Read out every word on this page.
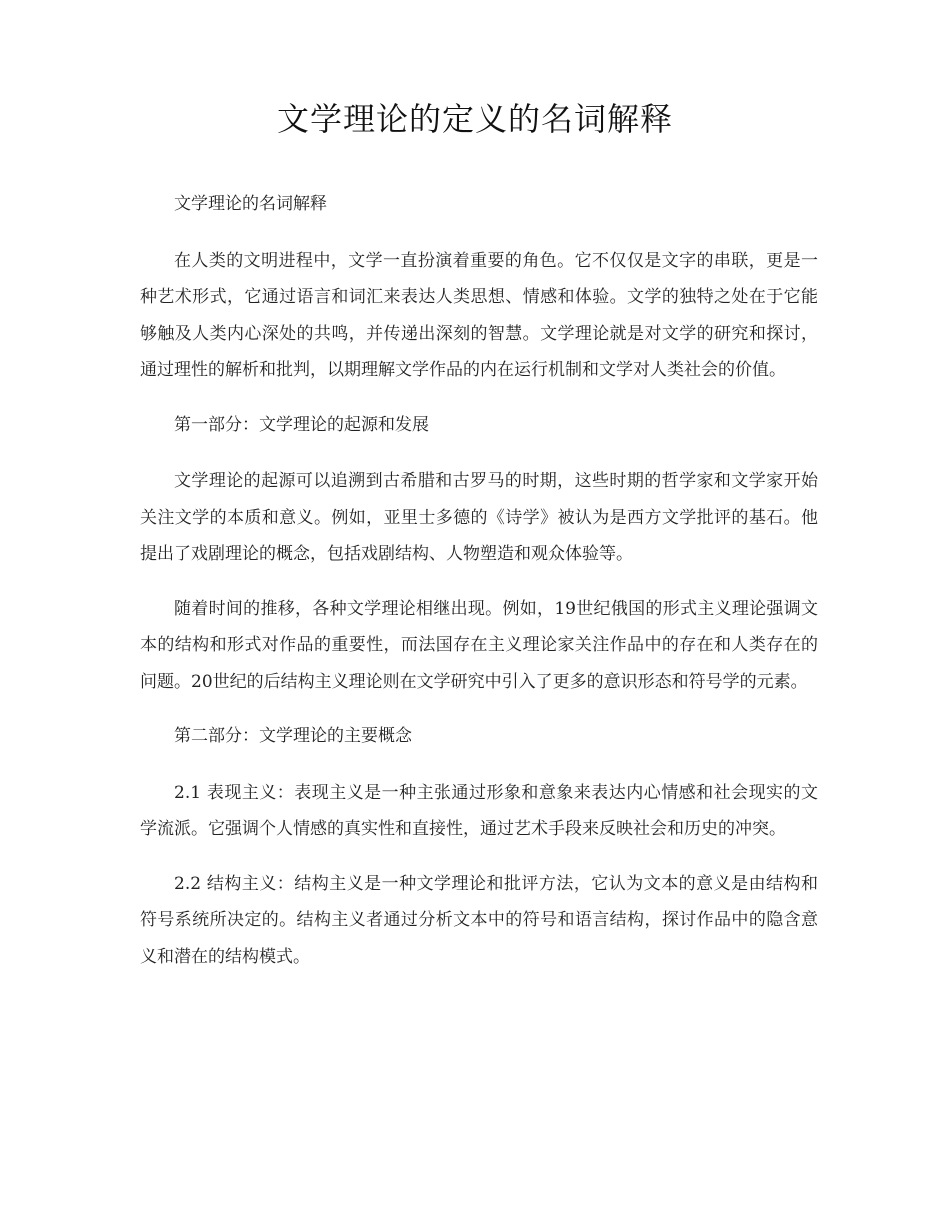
文学理论的定义的名词解释

文学理论的名词解释

在人类的文明进程中，文学一直扮演着重要的角色。它不仅仅是文字的串联，更是一种艺术形式，它通过语言和词汇来表达人类思想、情感和体验。文学的独特之处在于它能够触及人类内心深处的共鸣，并传递出深刻的智慧。文学理论就是对文学的研究和探讨，通过理性的解析和批判，以期理解文学作品的内在运行机制和文学对人类社会的价值。

第一部分：文学理论的起源和发展

文学理论的起源可以追溯到古希腊和古罗马的时期，这些时期的哲学家和文学家开始关注文学的本质和意义。例如，亚里士多德的《诗学》被认为是西方文学批评的基石。他提出了戏剧理论的概念，包括戏剧结构、人物塑造和观众体验等。

随着时间的推移，各种文学理论相继出现。例如，19世纪俄国的形式主义理论强调文本的结构和形式对作品的重要性，而法国存在主义理论家关注作品中的存在和人类存在的问题。20世纪的后结构主义理论则在文学研究中引入了更多的意识形态和符号学的元素。

第二部分：文学理论的主要概念

2.1 表现主义：表现主义是一种主张通过形象和意象来表达内心情感和社会现实的文学流派。它强调个人情感的真实性和直接性，通过艺术手段来反映社会和历史的冲突。

2.2 结构主义：结构主义是一种文学理论和批评方法，它认为文本的意义是由结构和符号系统所决定的。结构主义者通过分析文本中的符号和语言结构，探讨作品中的隐含意义和潜在的结构模式。
